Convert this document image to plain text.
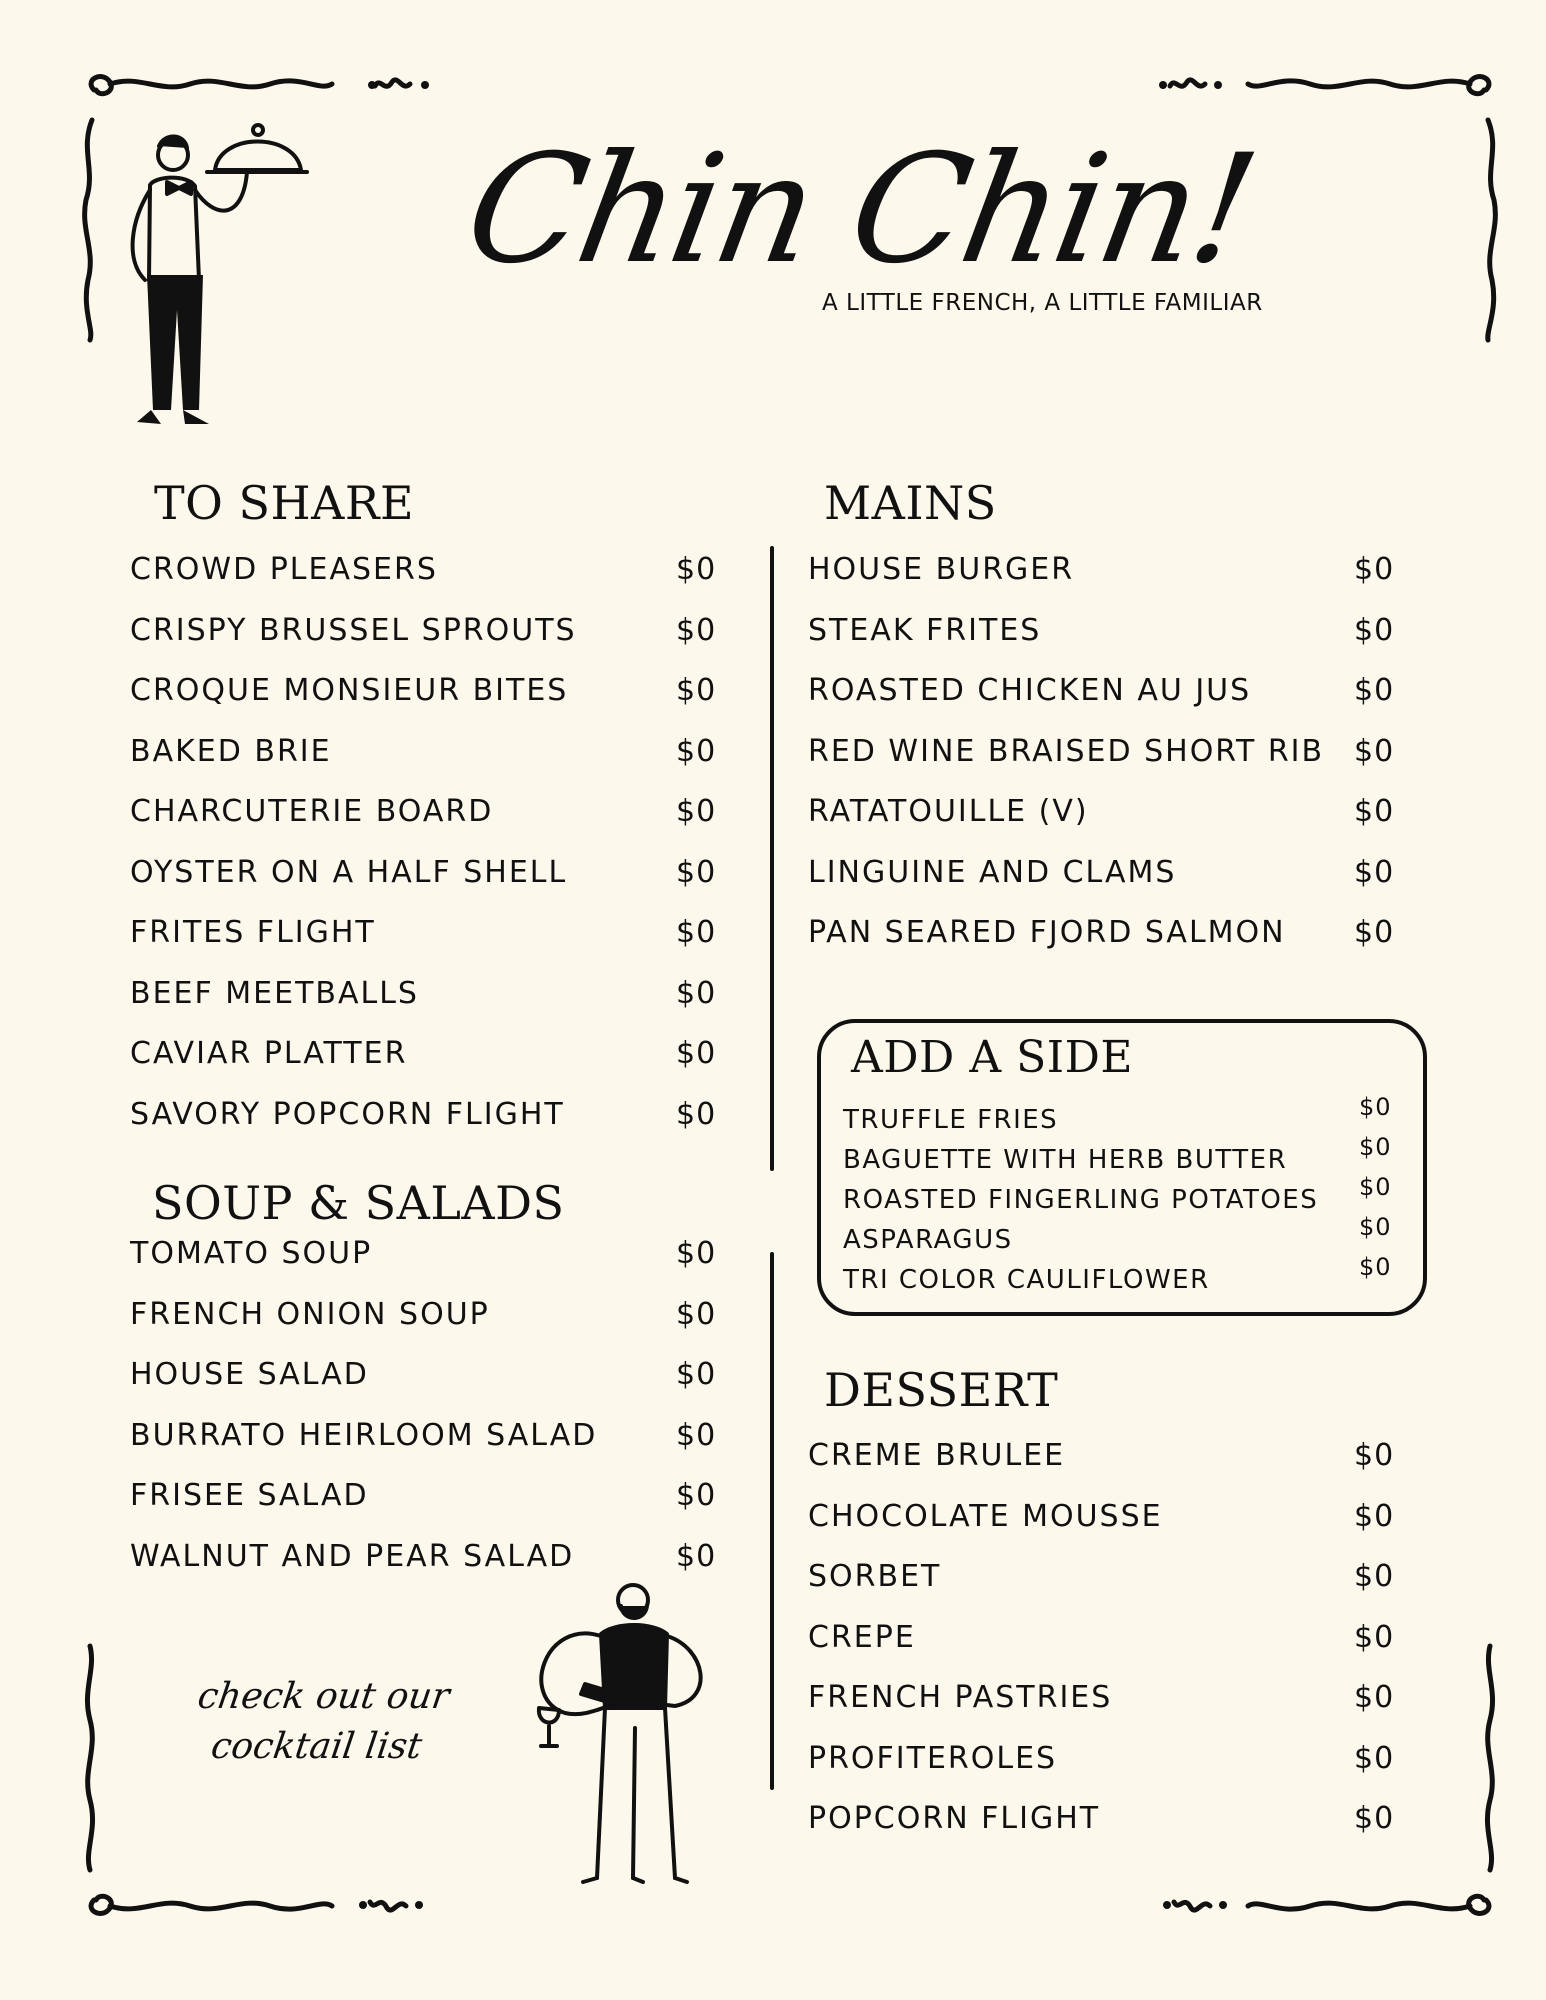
Chin Chin!
A LITTLE FRENCH, A LITTLE FAMILIAR
TO SHARE
CROWD PLEASERS	$0
CRISPY BRUSSEL SPROUTS	$0
CROQUE MONSIEUR BITES	$0
BAKED BRIE	$0
CHARCUTERIE BOARD	$0
OYSTER ON A HALF SHELL	$0
FRITES FLIGHT	$0
BEEF MEETBALLS	$0
CAVIAR PLATTER	$0
SAVORY POPCORN FLIGHT	$0
SOUP & SALADS
TOMATO SOUP	$0
FRENCH ONION SOUP	$0
HOUSE SALAD	$0
BURRATO HEIRLOOM SALAD	$0
FRISEE SALAD	$0
WALNUT AND PEAR SALAD	$0
check out our
cocktail list
MAINS
HOUSE BURGER	$0
STEAK FRITES	$0
ROASTED CHICKEN AU JUS	$0
RED WINE BRAISED SHORT RIB $0
RATATOUILLE (V)	$0
LINGUINE AND CLAMS	$0
PAN SEARED FJORD SALMON $0
ADD A SIDE
TRUFFLE FRIES	$0
BAGUETTE WITH HERB BUTTER	$0
ROASTED FINGERLING POTATOES $0
ASPARAGUS	$0
TRI COLOR CAULIFLOWER	$0
DESSERT
CREME BRULEE	$0
CHOCOLATE MOUSSE	$0
SORBET	$0
CREPE	$0
FRENCH PASTRIES	$0
PROFITEROLES	$0
POPCORN FLIGHT	$0
